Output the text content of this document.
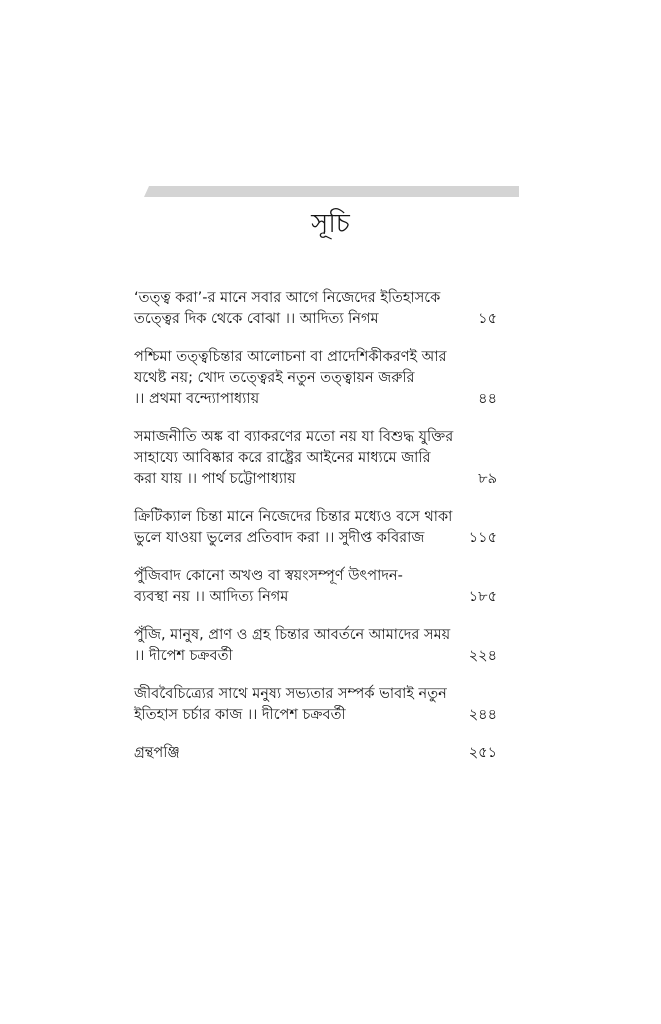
সূচি
‘তত্ত্ব করা’-র মানে সবার আগে নিজেদের ইতিহাসকে
তত্ত্বের দিক থেকে বোঝা ।। আদিত্য নিগম	১৫
পশ্চিমা তত্ত্বচিন্তার আলোচনা বা প্রাদেশিকীকরণই আর
যথেষ্ট নয়; খোদ তত্ত্বেরই নতুন তত্ত্বায়ন জরুরি
।। প্রথমা বন্দ্যোপাধ্যায়	৪৪
সমাজনীতি অঙ্ক বা ব্যাকরণের মতো নয় যা বিশুদ্ধ যুক্তির
সাহায্যে আবিষ্কার করে রাষ্ট্রের আইনের মাধ্যমে জারি
করা যায় ।। পার্থ চট্টোপাধ্যায়	৮৯
ক্রিটিক্যাল চিন্তা মানে নিজেদের চিন্তার মধ্যেও বসে থাকা
ভুলে যাওয়া ভুলের প্রতিবাদ করা ।। সুদীপ্ত কবিরাজ	১১৫
পুঁজিবাদ কোনো অখণ্ড বা স্বয়ংসম্পূর্ণ উৎপাদন-
ব্যবস্থা নয় ।। আদিত্য নিগম	১৮৫
পুঁজি, মানুষ, প্রাণ ও গ্রহ চিন্তার আবর্তনে আমাদের সময়
।। দীপেশ চক্রবর্তী	২২৪
জীববৈচিত্র্যের সাথে মনুষ্য সভ্যতার সম্পর্ক ভাবাই নতুন
ইতিহাস চর্চার কাজ ।। দীপেশ চক্রবর্তী	২৪৪
গ্রন্থপঞ্জি	২৫১
